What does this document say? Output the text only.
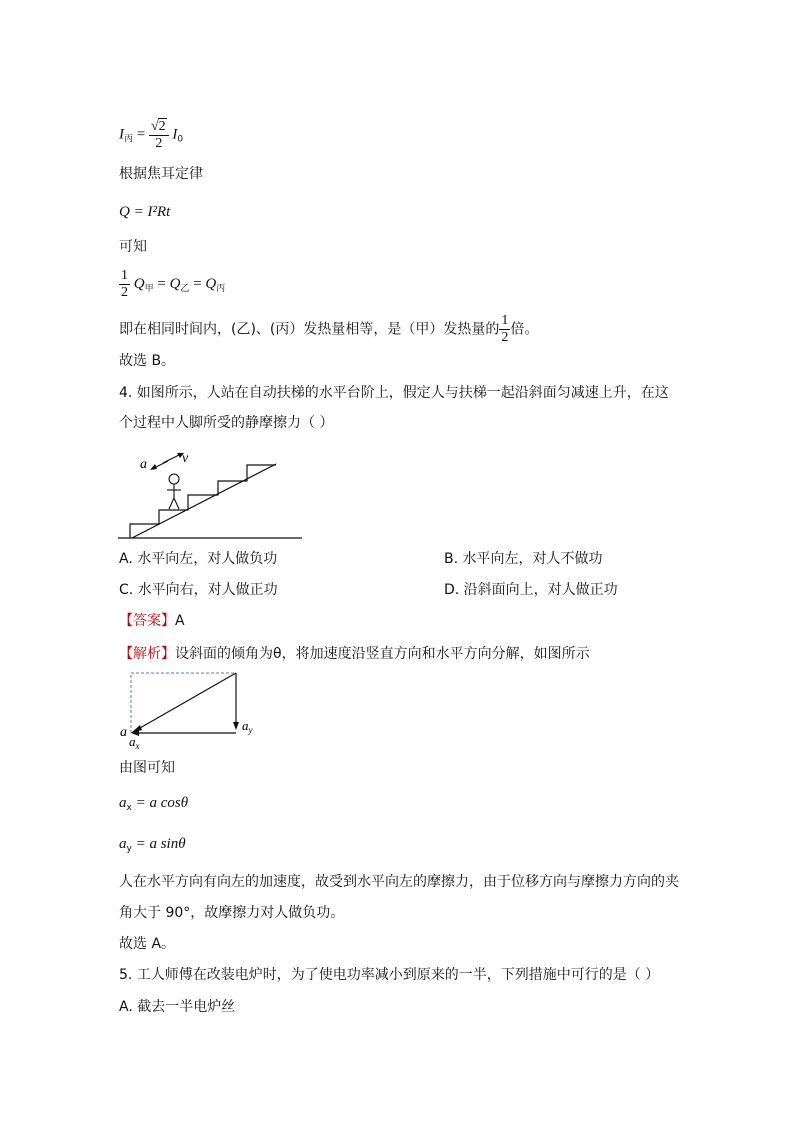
$I_丙 = \frac{√2}{2} I_0$
根据焦耳定律
Q = I²Rt
可知
$\frac{1}{2} Q_甲 = Q_乙 = Q_丙$
即在相同时间内，(乙)、(丙）发热量相等，是（甲）发热量的 $\frac{1}{2}$ 倍。
故选 B。
4. 如图所示，人站在自动扶梯的水平台阶上，假定人与扶梯一起沿斜面匀减速上升，在这
个过程中人脚所受的静摩擦力（ ）
a	v
A. 水平向左，对人做负功	B. 水平向左，对人不做功
C. 水平向右，对人做正功	D. 沿斜面向上，对人做正功
【答案】A
【解析】设斜面的倾角为θ，将加速度沿竖直方向和水平方向分解，如图所示
a
$a_x$
$a_y$
由图可知
$a_x = a$ cosθ
$a_y = a$ sinθ
人在水平方向有向左的加速度，故受到水平向左的摩擦力，由于位移方向与摩擦力方向的夹
角大于 90°，故摩擦力对人做负功。
故选 A。
5. 工人师傅在改装电炉时，为了使电功率减小到原来的一半，下列措施中可行的是（ ）
A. 截去一半电炉丝
